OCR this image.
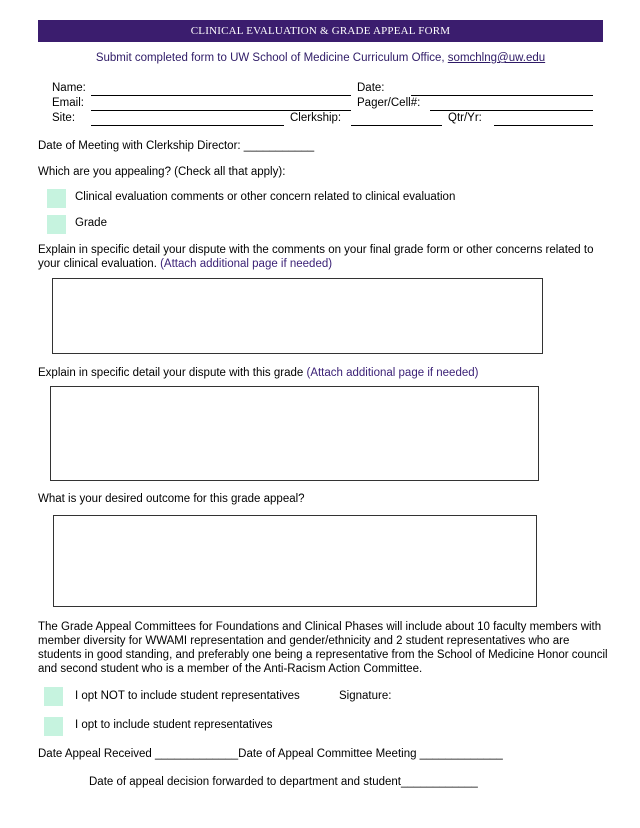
CLINICAL EVALUATION & GRADE APPEAL FORM
Submit completed form to UW School of Medicine Curriculum Office, somchlng@uw.edu
Name:	Date:
Email:	Pager/Cell#:
Site:	Clerkship:	Qtr/Yr:
Date of Meeting with Clerkship Director: ___________
Which are you appealing? (Check all that apply):
Clinical evaluation comments or other concern related to clinical evaluation
Grade
Explain in specific detail your dispute with the comments on your final grade form or other concerns related to your clinical evaluation. (Attach additional page if needed)
Explain in specific detail your dispute with this grade (Attach additional page if needed)
What is your desired outcome for this grade appeal?
The Grade Appeal Committees for Foundations and Clinical Phases will include about 10 faculty members with member diversity for WWAMI representation and gender/ethnicity and 2 student representatives who are students in good standing, and preferably one being a representative from the School of Medicine Honor council and second student who is a member of the Anti-Racism Action Committee.
I opt NOT to include student representatives	Signature:
I opt to include student representatives
Date Appeal Received _____________Date of Appeal Committee Meeting _____________
Date of appeal decision forwarded to department and student____________
